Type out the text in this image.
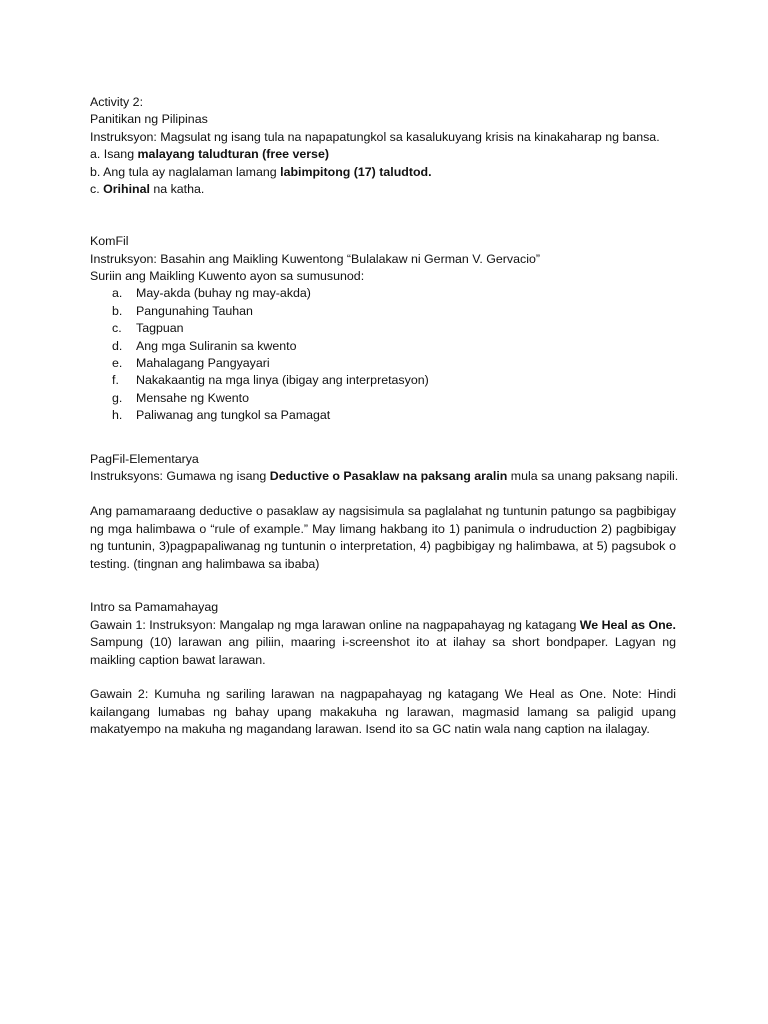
Activity 2:
Panitikan ng Pilipinas
Instruksyon: Magsulat ng isang tula na napapatungkol sa kasalukuyang krisis na kinakaharap ng bansa.
a. Isang malayang taludturan (free verse)
b. Ang tula ay naglalaman lamang labimpitong (17) taludtod.
c. Orihinal na katha.
KomFil
Instruksyon: Basahin ang Maikling Kuwentong “Bulalakaw ni German V. Gervacio”
Suriin ang Maikling Kuwento ayon sa sumusunod:
a.	May-akda (buhay ng may-akda)
b.	Pangunahing Tauhan
c.	Tagpuan
d.	Ang mga Suliranin sa kwento
e.	Mahalagang Pangyayari
f.	Nakakaantig na mga linya (ibigay ang interpretasyon)
g.	Mensahe ng Kwento
h.	Paliwanag ang tungkol sa Pamagat
PagFil-Elementarya
Instruksyons: Gumawa ng isang Deductive o Pasaklaw na paksang aralin mula sa unang paksang napili.
Ang pamamaraang deductive o pasaklaw ay nagsisimula sa paglalahat ng tuntunin patungo sa pagbibigay ng mga halimbawa o “rule of example.” May limang hakbang ito 1) panimula o indruduction 2) pagbibigay ng tuntunin, 3)pagpapaliwanag ng tuntunin o interpretation, 4) pagbibigay ng halimbawa, at 5) pagsubok o testing. (tingnan ang halimbawa sa ibaba)
Intro sa Pamamahayag
Gawain 1: Instruksyon: Mangalap ng mga larawan online na nagpapahayag ng katagang We Heal as One. Sampung (10) larawan ang piliin, maaring i-screenshot ito at ilahay sa short bondpaper. Lagyan ng maikling caption bawat larawan.
Gawain 2: Kumuha ng sariling larawan na nagpapahayag ng katagang We Heal as One. Note: Hindi kailangang lumabas ng bahay upang makakuha ng larawan, magmasid lamang sa paligid upang makatyempo na makuha ng magandang larawan. Isend ito sa GC natin wala nang caption na ilalagay.
